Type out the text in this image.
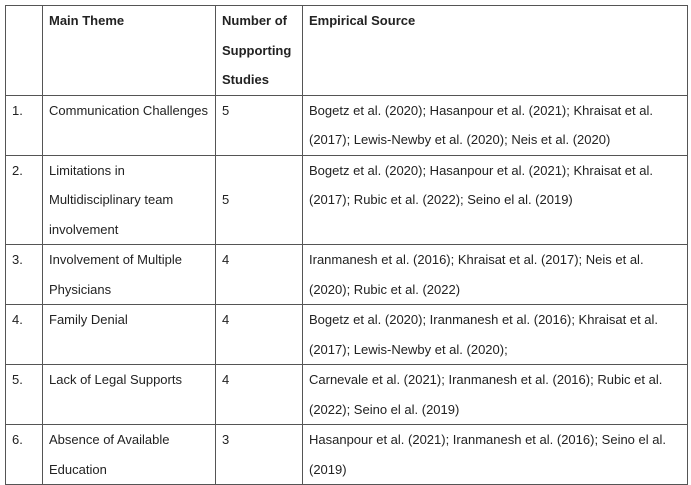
	Main Theme	Number of Supporting Studies	Empirical Source
1.	Communication Challenges	5	Bogetz et al. (2020); Hasanpour et al. (2021); Khraisat et al. (2017); Lewis-Newby et al. (2020); Neis et al. (2020)
2.	Limitations in Multidisciplinary team involvement	5	Bogetz et al. (2020); Hasanpour et al. (2021); Khraisat et al. (2017); Rubic et al. (2022); Seino el al. (2019)
3.	Involvement of Multiple Physicians	4	Iranmanesh et al. (2016); Khraisat et al. (2017); Neis et al. (2020); Rubic et al. (2022)
4.	Family Denial	4	Bogetz et al. (2020); Iranmanesh et al. (2016); Khraisat et al. (2017); Lewis-Newby et al. (2020);
5.	Lack of Legal Supports	4	Carnevale et al. (2021); Iranmanesh et al. (2016); Rubic et al. (2022); Seino el al. (2019)
6.	Absence of Available Education	3	Hasanpour et al. (2021); Iranmanesh et al. (2016); Seino el al. (2019)
